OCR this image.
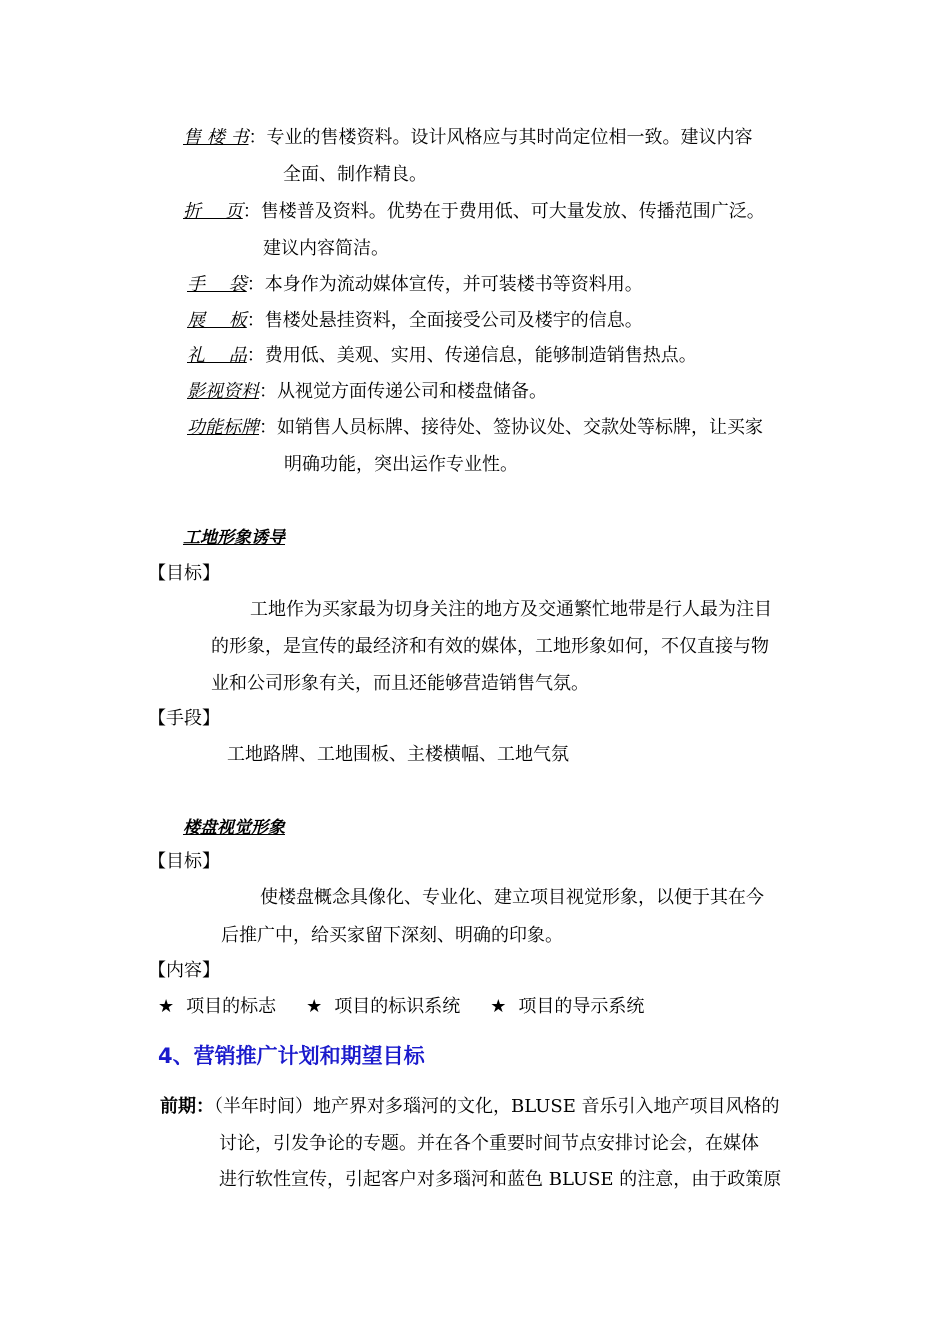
售 楼 书：专业的售楼资料。设计风格应与其时尚定位相一致。建议内容
全面、制作精良。
折　 页：售楼普及资料。优势在于费用低、可大量发放、传播范围广泛。
建议内容简洁。
手　 袋：本身作为流动媒体宣传，并可装楼书等资料用。
展　 板：售楼处悬挂资料，全面接受公司及楼宇的信息。
礼　 品：费用低、美观、实用、传递信息，能够制造销售热点。
影视资料：从视觉方面传递公司和楼盘储备。
功能标牌：如销售人员标牌、接待处、签协议处、交款处等标牌，让买家
明确功能，突出运作专业性。
工地形象诱导
【目标】
工地作为买家最为切身关注的地方及交通繁忙地带是行人最为注目
的形象，是宣传的最经济和有效的媒体，工地形象如何，不仅直接与物
业和公司形象有关，而且还能够营造销售气氛。
【手段】
工地路牌、工地围板、主楼横幅、工地气氛
楼盘视觉形象
【目标】
使楼盘概念具像化、专业化、建立项目视觉形象，以便于其在今
后推广中，给买家留下深刻、明确的印象。
【内容】
★ 项目的标志 ★ 项目的标识系统 ★ 项目的导示系统
4、营销推广计划和期望目标
前期：（半年时间）地产界对多瑙河的文化，BLUSE 音乐引入地产项目风格的
讨论，引发争论的专题。并在各个重要时间节点安排讨论会，在媒体
进行软性宣传，引起客户对多瑙河和蓝色 BLUSE 的注意，由于政策原
